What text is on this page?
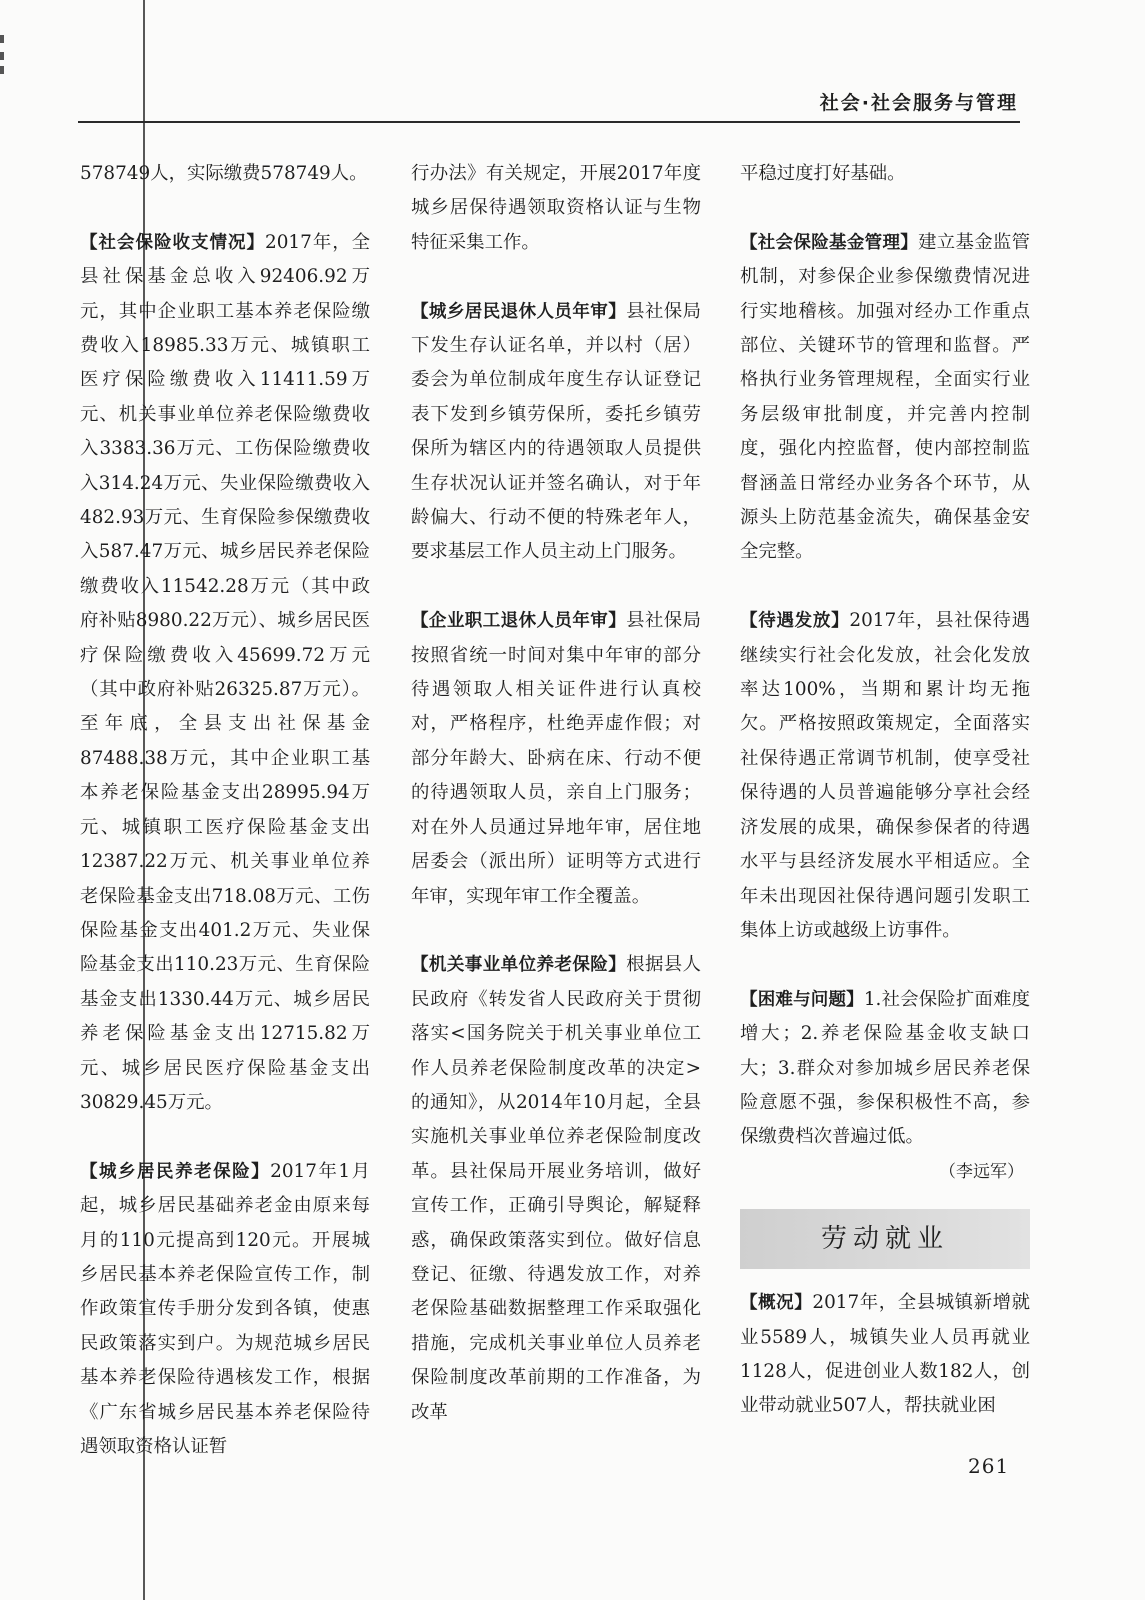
社会·社会服务与管理

578749人，实际缴费578749人。

【社会保险收支情况】2017年，全县社保基金总收入92406.92万元，其中企业职工基本养老保险缴费收入18985.33万元、城镇职工医疗保险缴费收入11411.59万元、机关事业单位养老保险缴费收入3383.36万元、工伤保险缴费收入314.24万元、失业保险缴费收入482.93万元、生育保险参保缴费收入587.47万元、城乡居民养老保险缴费收入11542.28万元（其中政府补贴8980.22万元）、城乡居民医疗保险缴费收入45699.72万元（其中政府补贴26325.87万元）。至年底，全县支出社保基金87488.38万元，其中企业职工基本养老保险基金支出28995.94万元、城镇职工医疗保险基金支出12387.22万元、机关事业单位养老保险基金支出718.08万元、工伤保险基金支出401.2万元、失业保险基金支出110.23万元、生育保险基金支出1330.44万元、城乡居民养老保险基金支出12715.82万元、城乡居民医疗保险基金支出30829.45万元。

【城乡居民养老保险】2017年1月起，城乡居民基础养老金由原来每月的110元提高到120元。开展城乡居民基本养老保险宣传工作，制作政策宣传手册分发到各镇，使惠民政策落实到户。为规范城乡居民基本养老保险待遇核发工作，根据《广东省城乡居民基本养老保险待遇领取资格认证暂

行办法》有关规定，开展2017年度城乡居保待遇领取资格认证与生物特征采集工作。

【城乡居民退休人员年审】县社保局下发生存认证名单，并以村（居）委会为单位制成年度生存认证登记表下发到乡镇劳保所，委托乡镇劳保所为辖区内的待遇领取人员提供生存状况认证并签名确认，对于年龄偏大、行动不便的特殊老年人，要求基层工作人员主动上门服务。

【企业职工退休人员年审】县社保局按照省统一时间对集中年审的部分待遇领取人相关证件进行认真校对，严格程序，杜绝弄虚作假；对部分年龄大、卧病在床、行动不便的待遇领取人员，亲自上门服务；对在外人员通过异地年审，居住地居委会（派出所）证明等方式进行年审，实现年审工作全覆盖。

【机关事业单位养老保险】根据县人民政府《转发省人民政府关于贯彻落实<国务院关于机关事业单位工作人员养老保险制度改革的决定>的通知》，从2014年10月起，全县实施机关事业单位养老保险制度改革。县社保局开展业务培训，做好宣传工作，正确引导舆论，解疑释惑，确保政策落实到位。做好信息登记、征缴、待遇发放工作，对养老保险基础数据整理工作采取强化措施，完成机关事业单位人员养老保险制度改革前期的工作准备，为改革

平稳过度打好基础。

【社会保险基金管理】建立基金监管机制，对参保企业参保缴费情况进行实地稽核。加强对经办工作重点部位、关键环节的管理和监督。严格执行业务管理规程，全面实行业务层级审批制度，并完善内控制度，强化内控监督，使内部控制监督涵盖日常经办业务各个环节，从源头上防范基金流失，确保基金安全完整。

【待遇发放】2017年，县社保待遇继续实行社会化发放，社会化发放率达100%，当期和累计均无拖欠。严格按照政策规定，全面落实社保待遇正常调节机制，使享受社保待遇的人员普遍能够分享社会经济发展的成果，确保参保者的待遇水平与县经济发展水平相适应。全年未出现因社保待遇问题引发职工集体上访或越级上访事件。

【困难与问题】1.社会保险扩面难度增大；2.养老保险基金收支缺口大；3.群众对参加城乡居民养老保险意愿不强，参保积极性不高，参保缴费档次普遍过低。

（李远军）
劳动就业

【概况】2017年，全县城镇新增就业5589人，城镇失业人员再就业1128人，促进创业人数182人，创业带动就业507人，帮扶就业困

261
